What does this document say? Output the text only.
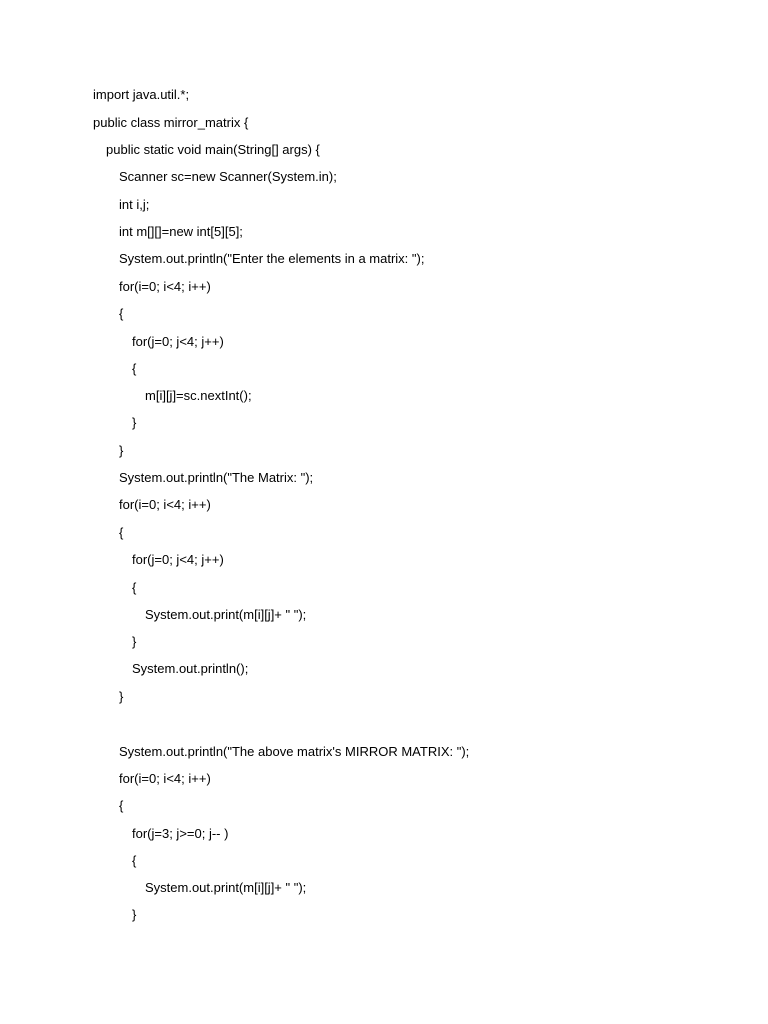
import java.util.*;
public class mirror_matrix {
public static void main(String[] args) {
Scanner sc=new Scanner(System.in);
int i,j;
int m[][]=new int[5][5];
System.out.println("Enter the elements in a matrix: ");
for(i=0; i<4; i++)
{
for(j=0; j<4; j++)
{
m[i][j]=sc.nextInt();
}
}
System.out.println("The Matrix: ");
for(i=0; i<4; i++)
{
for(j=0; j<4; j++)
{
System.out.print(m[i][j]+ " ");
}
System.out.println();
}
System.out.println("The above matrix's MIRROR MATRIX: ");
for(i=0; i<4; i++)
{
for(j=3; j>=0; j-- )
{
System.out.print(m[i][j]+ " ");
}
